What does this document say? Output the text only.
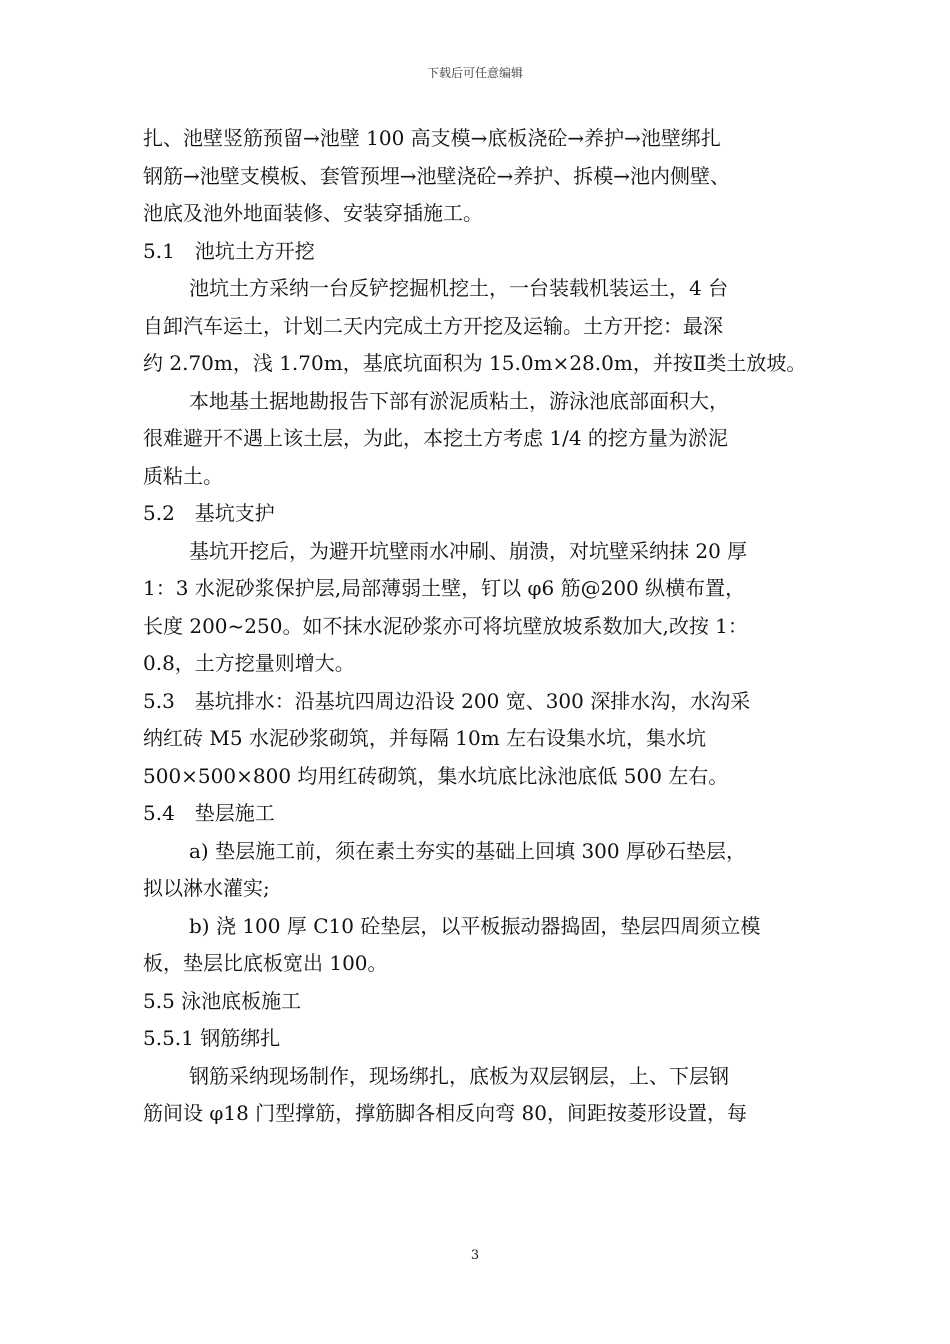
下载后可任意编辑
扎、池壁竖筋预留→池壁 100 高支模→底板浇砼→养护→池壁绑扎
钢筋→池壁支模板、套管预埋→池壁浇砼→养护、拆模→池内侧壁、
池底及池外地面装修、安装穿插施工。
5.1　池坑土方开挖
池坑土方采纳一台反铲挖掘机挖土，一台装载机装运土，4 台
自卸汽车运土，计划二天内完成土方开挖及运输。土方开挖：最深
约 2.70m，浅 1.70m，基底坑面积为 15.0m×28.0m，并按Ⅱ类土放坡。
本地基土据地勘报告下部有淤泥质粘土，游泳池底部面积大，
很难避开不遇上该土层，为此，本挖土方考虑 1/4 的挖方量为淤泥
质粘土。
5.2　基坑支护
基坑开挖后，为避开坑壁雨水冲刷、崩溃，对坑壁采纳抹 20 厚
1：3 水泥砂浆保护层,局部薄弱土壁，钉以 φ6 筋@200 纵横布置，
长度 200~250。如不抹水泥砂浆亦可将坑壁放坡系数加大,改按 1：
0.8，土方挖量则增大。
5.3　基坑排水：沿基坑四周边沿设 200 宽、300 深排水沟，水沟采
纳红砖 M5 水泥砂浆砌筑，并每隔 10m 左右设集水坑，集水坑
500×500×800 均用红砖砌筑，集水坑底比泳池底低 500 左右。
5.4　垫层施工
a) 垫层施工前，须在素土夯实的基础上回填 300 厚砂石垫层，
拟以淋水灌实;
b) 浇 100 厚 C10 砼垫层，以平板振动器捣固，垫层四周须立模
板，垫层比底板宽出 100。
5.5 泳池底板施工
5.5.1 钢筋绑扎
钢筋采纳现场制作，现场绑扎，底板为双层钢层，上、下层钢
筋间设 φ18 门型撑筋，撑筋脚各相反向弯 80，间距按菱形设置，每
3
